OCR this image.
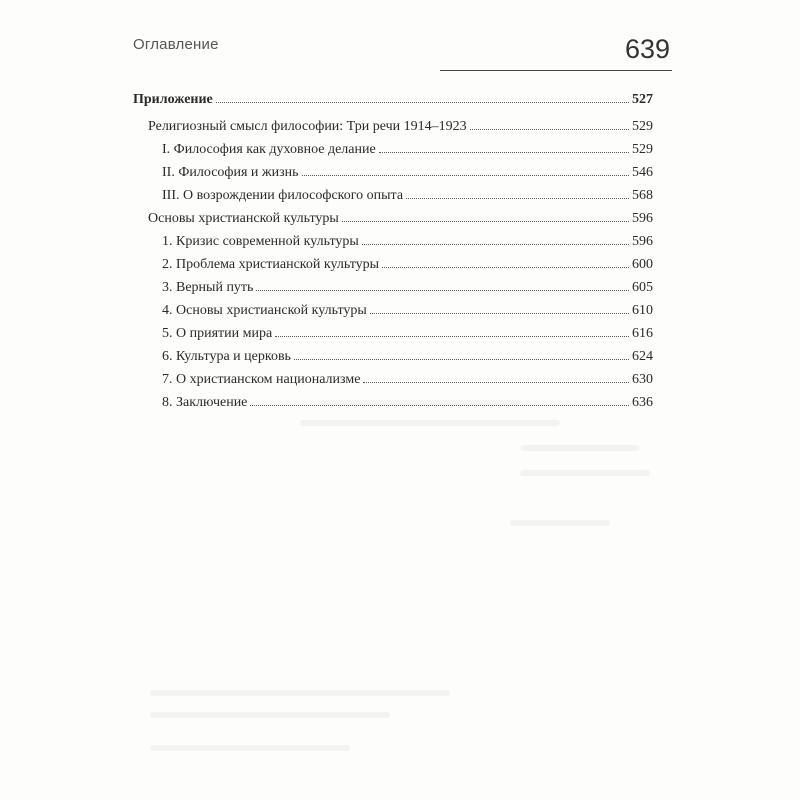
Оглавление	639
Приложение	527
Религиозный смысл философии: Три речи 1914–1923	529
I. Философия как духовное делание	529
II. Философия и жизнь	546
III. О возрождении философского опыта	568
Основы христианской культуры	596
1. Кризис современной культуры	596
2. Проблема христианской культуры	600
3. Верный путь	605
4. Основы христианской культуры	610
5. О приятии мира	616
6. Культура и церковь	624
7. О христианском национализме	630
8. Заключение	636
